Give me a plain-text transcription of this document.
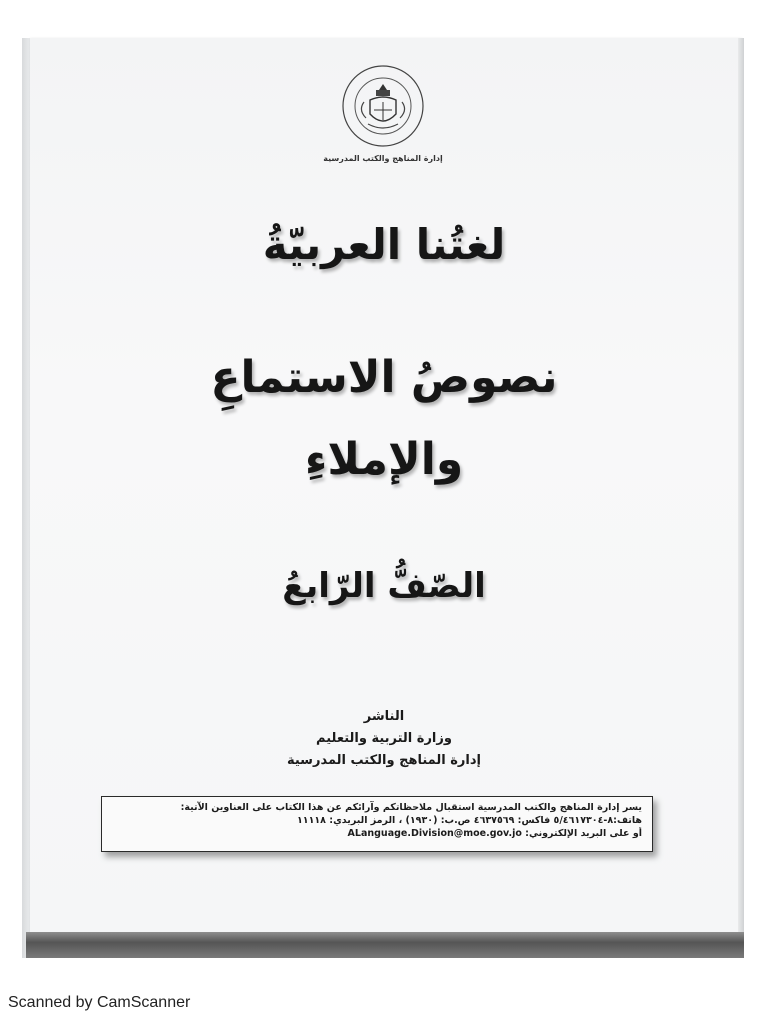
إدارة المناهج والكتب المدرسية
لغتُنا العربيّةُ
نصوصُ الاستماعِ
والإملاءِ
الصّفُّ الرّابعُ
الناشر
وزارة التربية والتعليم
إدارة المناهج والكتب المدرسية
يسر إدارة المناهج والكتب المدرسية استقبال ملاحظاتكم وآرائكم عن هذا الكتاب على العناوين الآتية:
هاتف:٨-٥/٤٦١٧٣٠٤ فاكس: ٤٦٣٧٥٦٩ ص.ب: (١٩٣٠) ، الرمز البريدي: ١١١١٨
أو على البريد الإلكتروني: ALanguage.Division@moe.gov.jo
Scanned by CamScanner
